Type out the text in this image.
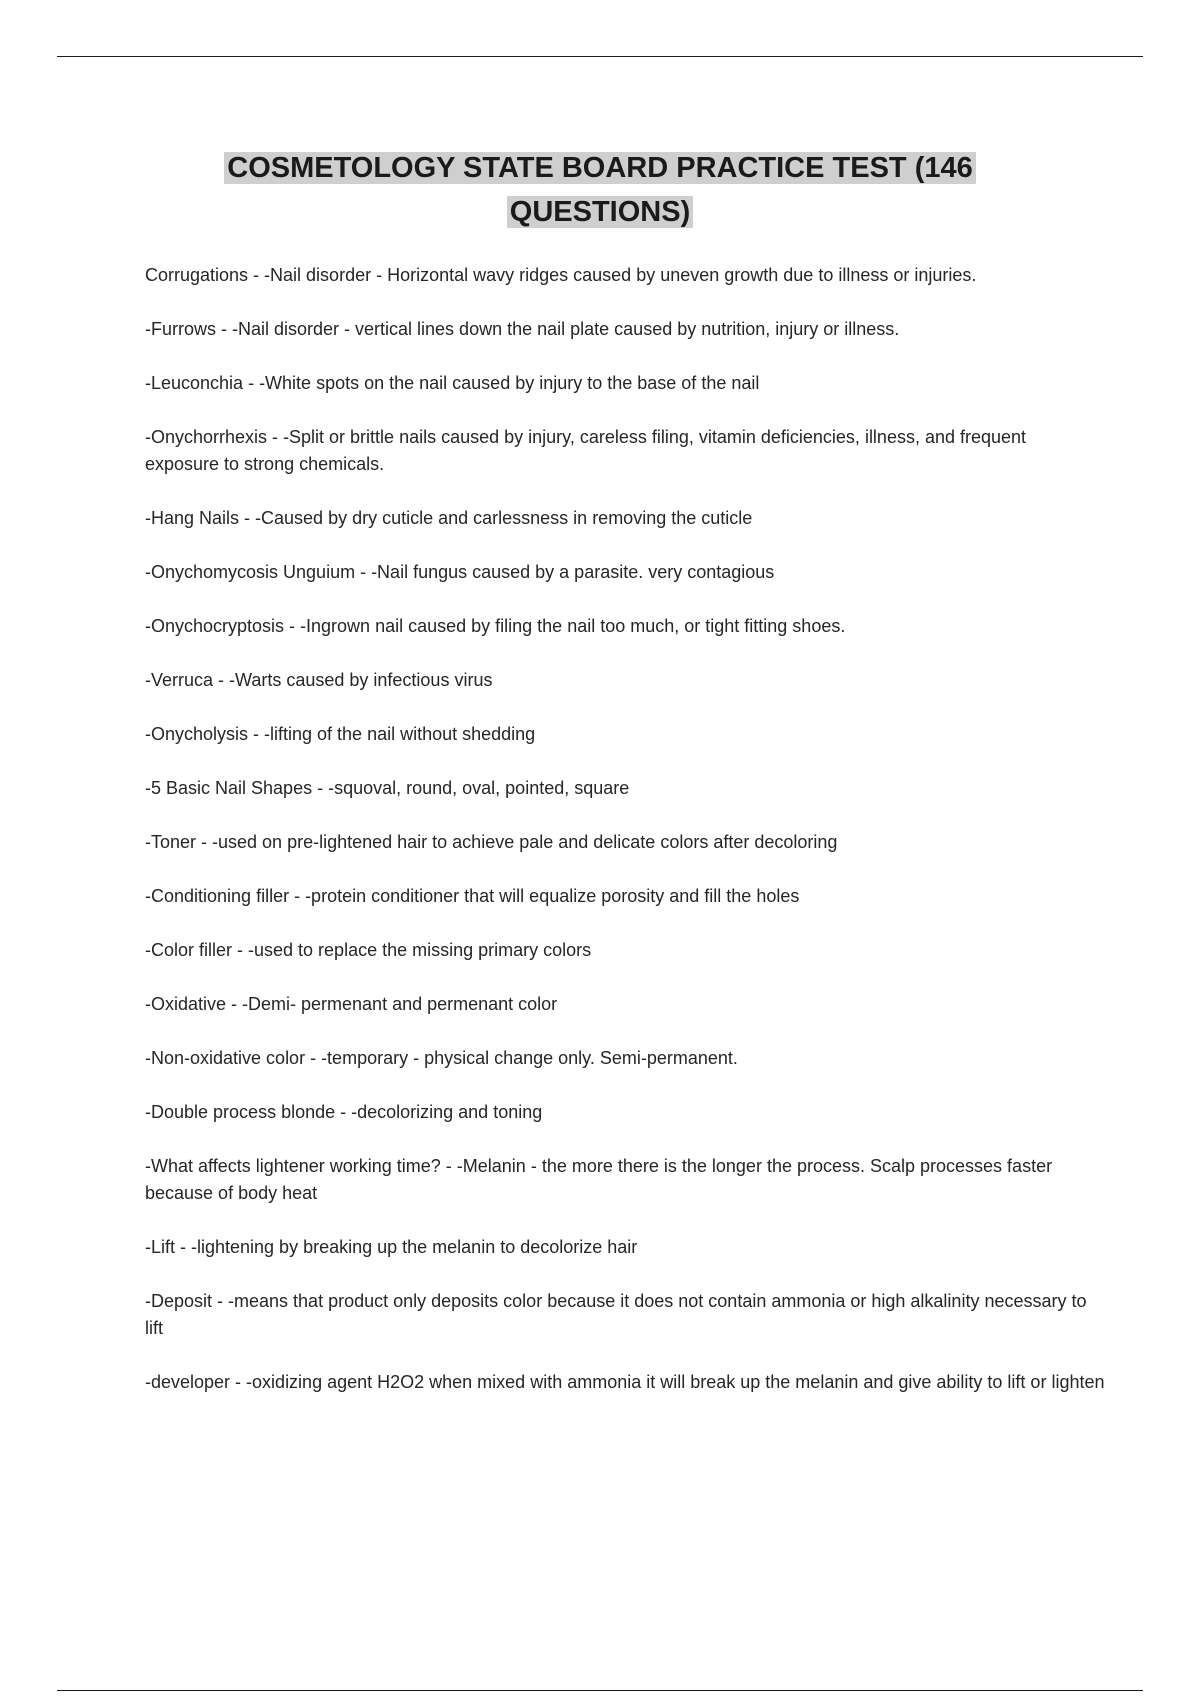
COSMETOLOGY STATE BOARD PRACTICE TEST (146 QUESTIONS)

Corrugations - -Nail disorder - Horizontal wavy ridges caused by uneven growth due to illness or injuries.

-Furrows - -Nail disorder - vertical lines down the nail plate caused by nutrition, injury or illness.

-Leuconchia - -White spots on the nail caused by injury to the base of the nail

-Onychorrhexis - -Split or brittle nails caused by injury, careless filing, vitamin deficiencies, illness, and frequent exposure to strong chemicals.

-Hang Nails - -Caused by dry cuticle and carlessness in removing the cuticle

-Onychomycosis Unguium - -Nail fungus caused by a parasite. very contagious

-Onychocryptosis - -Ingrown nail caused by filing the nail too much, or tight fitting shoes.

-Verruca - -Warts caused by infectious virus

-Onycholysis - -lifting of the nail without shedding

-5 Basic Nail Shapes - -squoval, round, oval, pointed, square

-Toner - -used on pre-lightened hair to achieve pale and delicate colors after decoloring

-Conditioning filler - -protein conditioner that will equalize porosity and fill the holes

-Color filler - -used to replace the missing primary colors

-Oxidative - -Demi- permenant and permenant color

-Non-oxidative color - -temporary - physical change only. Semi-permanent.

-Double process blonde - -decolorizing and toning

-What affects lightener working time? - -Melanin - the more there is the longer the process. Scalp processes faster because of body heat

-Lift - -lightening by breaking up the melanin to decolorize hair

-Deposit - -means that product only deposits color because it does not contain ammonia or high alkalinity necessary to lift

-developer - -oxidizing agent H2O2 when mixed with ammonia it will break up the melanin and give ability to lift or lighten
